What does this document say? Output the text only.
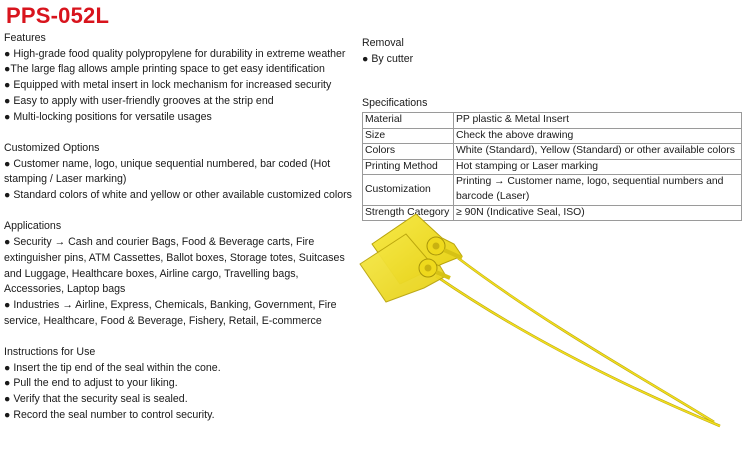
PPS-052L

Features

● High-grade food quality polypropylene for durability in extreme weather

●The large flag allows ample printing space to get easy identification

● Equipped with metal insert in lock mechanism for increased security

● Easy to apply with user-friendly grooves at the strip end

● Multi-locking positions for versatile usages

Customized Options

● Customer name, logo, unique sequential numbered, bar coded (Hot stamping / Laser marking)

● Standard colors of white and yellow or other available customized colors

Applications

● Security → Cash and courier Bags, Food & Beverage carts, Fire extinguisher pins, ATM Cassettes, Ballot boxes, Storage totes, Suitcases and Luggage, Healthcare boxes, Airline cargo, Travelling bags, Accessories, Laptop bags

● Industries → Airline, Express, Chemicals, Banking, Government, Fire service, Healthcare, Food & Beverage, Fishery, Retail, E-commerce

Instructions for Use

● Insert the tip end of the seal within the cone.

● Pull the end to adjust to your liking.

● Verify that the security seal is sealed.

● Record the seal number to control security.

Removal

● By cutter

Specifications

Material	PP plastic & Metal Insert
Size	Check the above drawing
Colors	White (Standard), Yellow (Standard) or other available colors
Printing Method	Hot stamping or Laser marking
Customization	Printing → Customer name, logo, sequential numbers and barcode (Laser)
Strength Category	≥ 90N (Indicative Seal, ISO)
